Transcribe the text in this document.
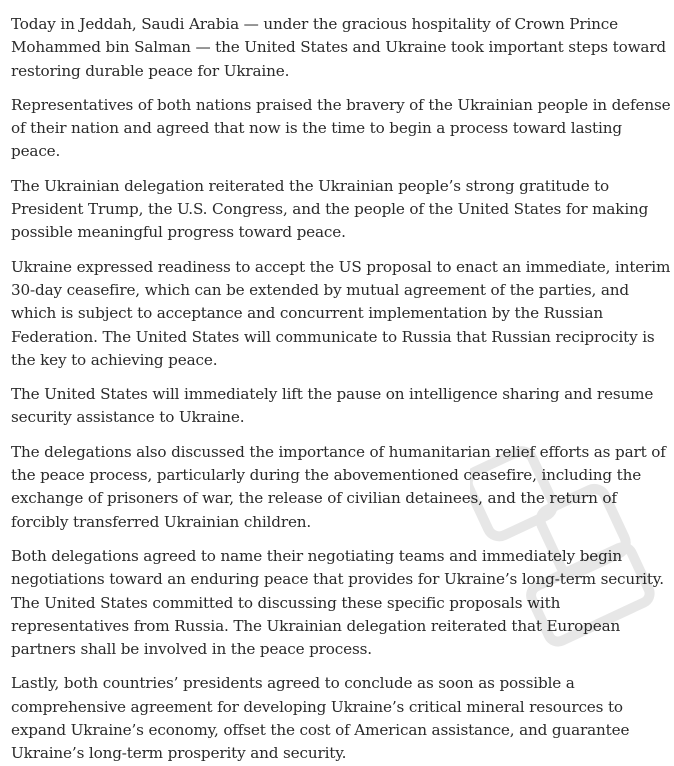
Today in Jeddah, Saudi Arabia — under the gracious hospitality of Crown Prince Mohammed bin Salman — the United States and Ukraine took important steps toward restoring durable peace for Ukraine.

Representatives of both nations praised the bravery of the Ukrainian people in defense of their nation and agreed that now is the time to begin a process toward lasting peace.

The Ukrainian delegation reiterated the Ukrainian people’s strong gratitude to President Trump, the U.S. Congress, and the people of the United States for making possible meaningful progress toward peace.

Ukraine expressed readiness to accept the US proposal to enact an immediate, interim 30-day ceasefire, which can be extended by mutual agreement of the parties, and which is subject to acceptance and concurrent implementation by the Russian Federation. The United States will communicate to Russia that Russian reciprocity is the key to achieving peace.

The United States will immediately lift the pause on intelligence sharing and resume security assistance to Ukraine.

The delegations also discussed the importance of humanitarian relief efforts as part of the peace process, particularly during the abovementioned ceasefire, including the exchange of prisoners of war, the release of civilian detainees, and the return of forcibly transferred Ukrainian children.

Both delegations agreed to name their negotiating teams and immediately begin negotiations toward an enduring peace that provides for Ukraine’s long-term security. The United States committed to discussing these specific proposals with representatives from Russia. The Ukrainian delegation reiterated that European partners shall be involved in the peace process.

Lastly, both countries’ presidents agreed to conclude as soon as possible a comprehensive agreement for developing Ukraine’s critical mineral resources to expand Ukraine’s economy, offset the cost of American assistance, and guarantee Ukraine’s long-term prosperity and security.
